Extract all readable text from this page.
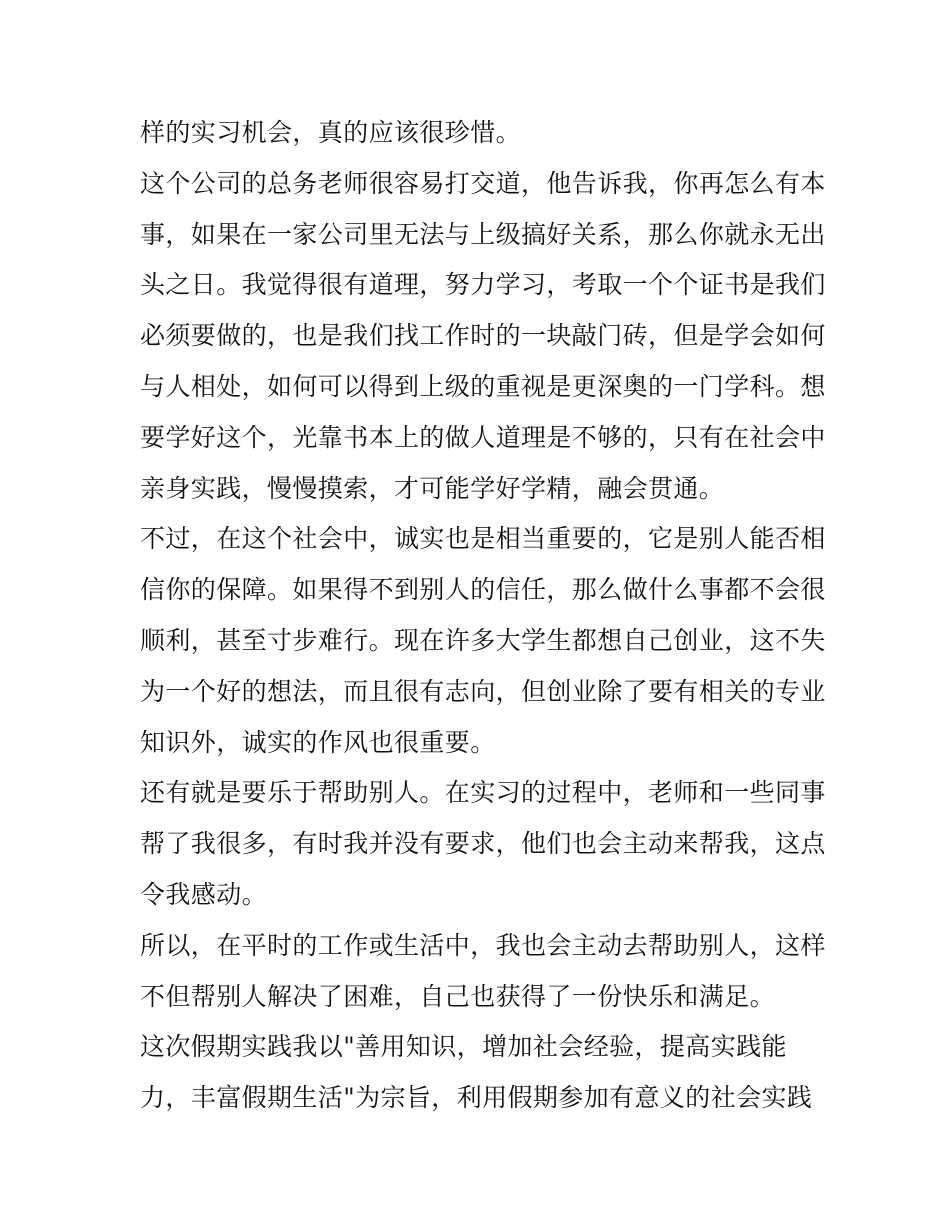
样的实习机会，真的应该很珍惜。
这个公司的总务老师很容易打交道，他告诉我，你再怎么有本
事，如果在一家公司里无法与上级搞好关系，那么你就永无出
头之日。我觉得很有道理，努力学习，考取一个个证书是我们
必须要做的，也是我们找工作时的一块敲门砖，但是学会如何
与人相处，如何可以得到上级的重视是更深奥的一门学科。想
要学好这个，光靠书本上的做人道理是不够的，只有在社会中
亲身实践，慢慢摸索，才可能学好学精，融会贯通。
不过，在这个社会中，诚实也是相当重要的，它是别人能否相
信你的保障。如果得不到别人的信任，那么做什么事都不会很
顺利，甚至寸步难行。现在许多大学生都想自己创业，这不失
为一个好的想法，而且很有志向，但创业除了要有相关的专业
知识外，诚实的作风也很重要。
还有就是要乐于帮助别人。在实习的过程中，老师和一些同事
帮了我很多，有时我并没有要求，他们也会主动来帮我，这点
令我感动。
所以，在平时的工作或生活中，我也会主动去帮助别人，这样
不但帮别人解决了困难，自己也获得了一份快乐和满足。
这次假期实践我以"善用知识，增加社会经验，提高实践能
力，丰富假期生活"为宗旨，利用假期参加有意义的社会实践
